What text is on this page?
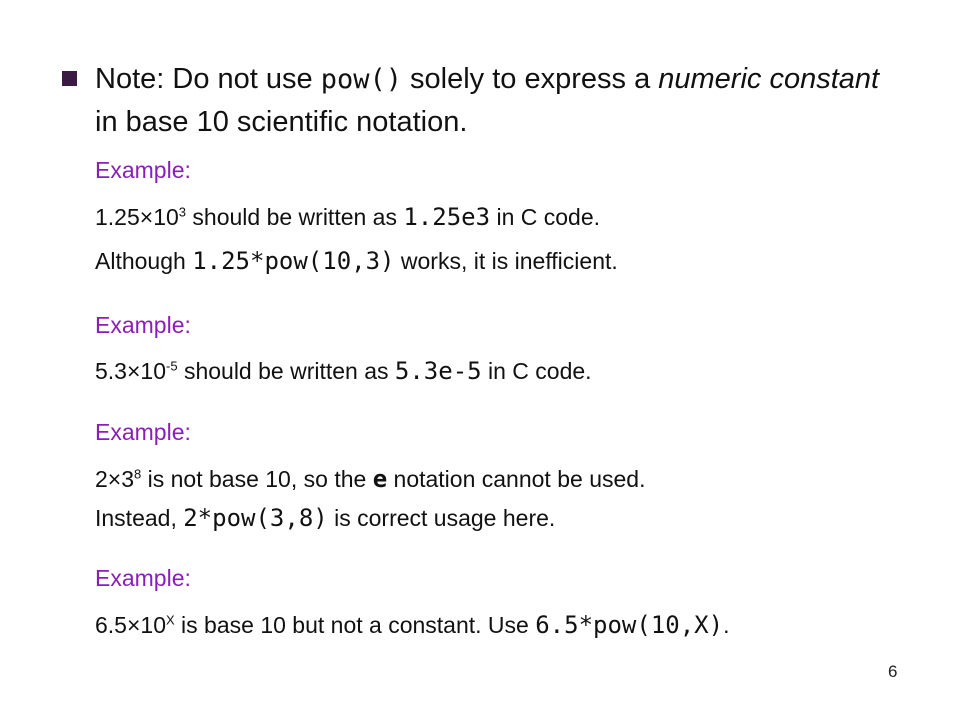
Note: Do not use pow() solely to express a numeric constant in base 10 scientific notation.
Example:
$1.25\times 10^3$ should be written as 1.25e3 in C code.
Although 1.25*pow(10,3) works, it is inefficient.
Example:
$5.3\times 10^{-5}$ should be written as 5.3e-5 in C code.
Example:
$2\times 3^8$ is not base 10, so the e notation cannot be used.
Instead, 2*pow(3,8) is correct usage here.
Example:
$6.5\times 10^X$ is base 10 but not a constant. Use 6.5*pow(10,X).
6
